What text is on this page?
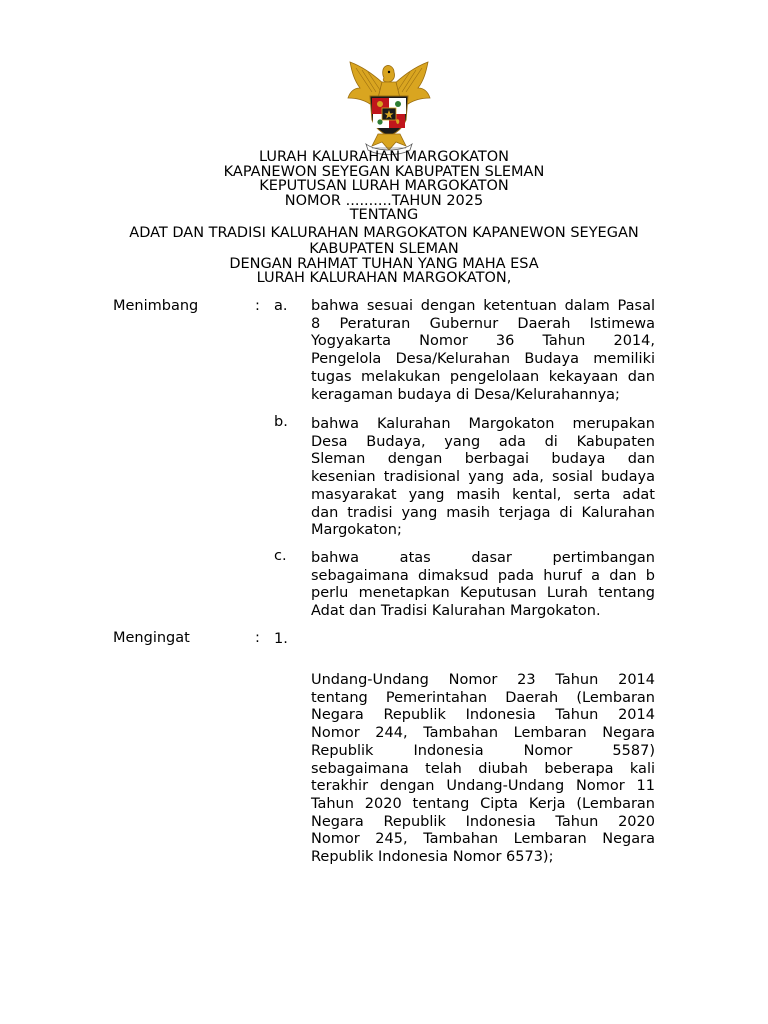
LURAH KALURAHAN MARGOKATON
KAPANEWON SEYEGAN KABUPATEN SLEMAN
KEPUTUSAN LURAH MARGOKATON
NOMOR ..........TAHUN 2025
TENTANG
ADAT DAN TRADISI KALURAHAN MARGOKATON KAPANEWON SEYEGAN
KABUPATEN SLEMAN
DENGAN RAHMAT TUHAN YANG MAHA ESA
LURAH KALURAHAN MARGOKATON,
Menimbang	: a. bahwa sesuai dengan ketentuan dalam Pasal
8 Peraturan Gubernur Daerah Istimewa
Yogyakarta Nomor 36 Tahun 2014,
Pengelola Desa/Kelurahan Budaya memiliki
tugas melakukan pengelolaan kekayaan dan
keragaman budaya di Desa/Kelurahannya;
b. bahwa Kalurahan Margokaton merupakan
Desa Budaya, yang ada di Kabupaten
Sleman dengan berbagai budaya dan
kesenian tradisional yang ada, sosial budaya
masyarakat yang masih kental, serta adat
dan tradisi yang masih terjaga di Kalurahan
Margokaton;
c. bahwa atas dasar pertimbangan
sebagaimana dimaksud pada huruf a dan b
perlu menetapkan Keputusan Lurah tentang
Adat dan Tradisi Kalurahan Margokaton.
Mengingat	: 1.
Undang-Undang Nomor 23 Tahun 2014
tentang Pemerintahan Daerah (Lembaran
Negara Republik Indonesia Tahun 2014
Nomor 244, Tambahan Lembaran Negara
Republik Indonesia Nomor 5587)
sebagaimana telah diubah beberapa kali
terakhir dengan Undang-Undang Nomor 11
Tahun 2020 tentang Cipta Kerja (Lembaran
Negara Republik Indonesia Tahun 2020
Nomor 245, Tambahan Lembaran Negara
Republik Indonesia Nomor 6573);
